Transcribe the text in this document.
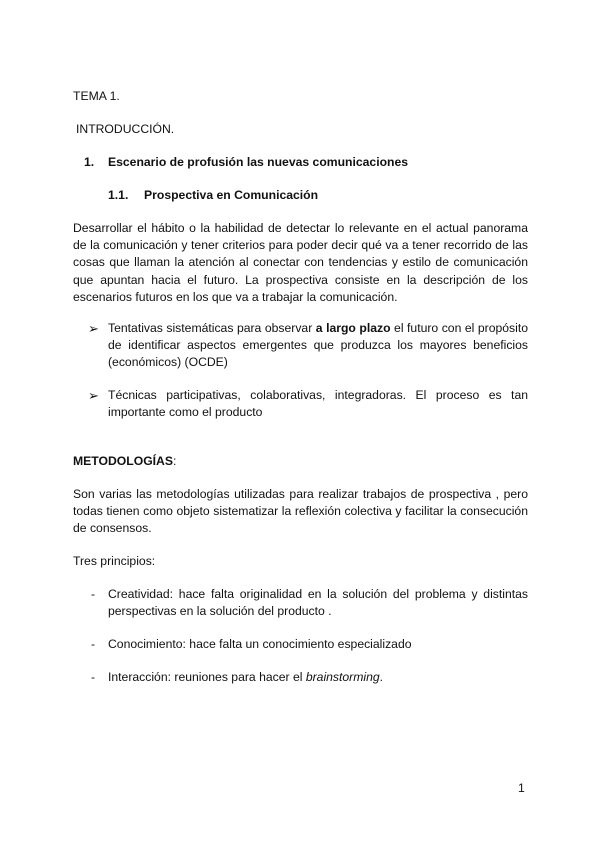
TEMA 1.
INTRODUCCIÓN.
1. Escenario de profusión las nuevas comunicaciones
1.1. Prospectiva en Comunicación
Desarrollar el hábito o la habilidad de detectar lo relevante en el actual panorama de la comunicación y tener criterios para poder decir qué va a tener recorrido de las cosas que llaman la atención al conectar con tendencias y estilo de comunicación que apuntan hacia el futuro. La prospectiva consiste en la descripción de los escenarios futuros en los que va a trabajar la comunicación.
➢ Tentativas sistemáticas para observar a largo plazo el futuro con el propósito de identificar aspectos emergentes que produzca los mayores beneficios (económicos) (OCDE)
➢ Técnicas participativas, colaborativas, integradoras. El proceso es tan importante como el producto
METODOLOGÍAS:
Son varias las metodologías utilizadas para realizar trabajos de prospectiva , pero todas tienen como objeto sistematizar la reflexión colectiva y facilitar la consecución de consensos.
Tres principios:
- Creatividad: hace falta originalidad en la solución del problema y distintas perspectivas en la solución del producto .
- Conocimiento: hace falta un conocimiento especializado
- Interacción: reuniones para hacer el brainstorming.
1
